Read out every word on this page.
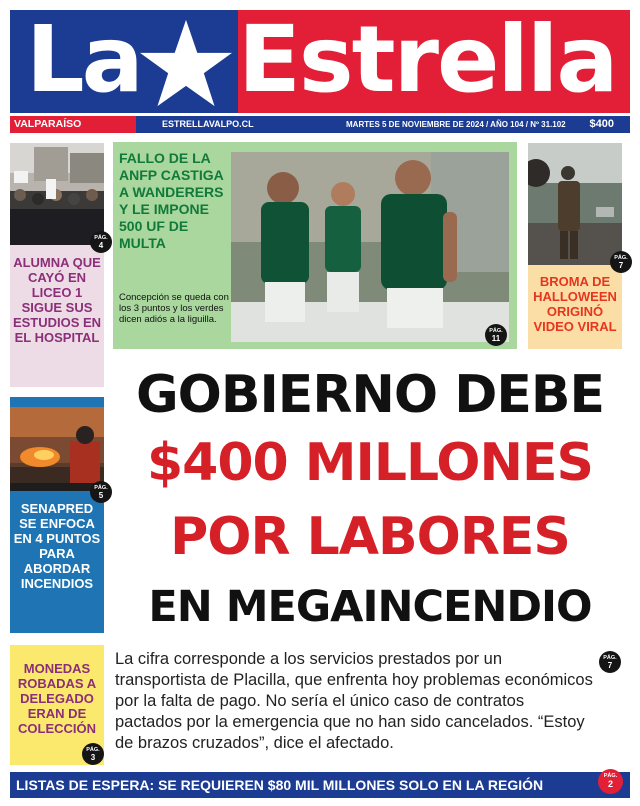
La Estrella
VALPARAÍSO	ESTRELLAVALPO.CL	MARTES 5 DE NOVIEMBRE DE 2024 / AÑO 104 / Nº 31.102 $400
PÁG.
4
ALUMNA QUE CAYÓ EN LICEO 1 SIGUE SUS ESTUDIOS EN EL HOSPITAL
PÁG.
5
SENAPRED SE ENFOCA EN 4 PUNTOS PARA ABORDAR INCENDIOS
MONEDAS ROBADAS A DELEGADO ERAN DE COLECCIÓN
PÁG.
3
FALLO DE LA ANFP CASTIGA A WANDERERS Y LE IMPONE 500 UF DE MULTA
Concepción se queda con los 3 puntos y los verdes dicen adiós a la liguilla.
PÁG.
11
PÁG.
7
BROMA DE HALLOWEEN ORIGINÓ VIDEO VIRAL
GOBIERNO DEBE
$400 MILLONES
POR LABORES
EN MEGAINCENDIO
La cifra corresponde a los servicios prestados por un transportista de Placilla, que enfrenta hoy problemas económicos por la falta de pago. No sería el único caso de contratos pactados por la emergencia que no han sido cancelados. “Estoy de brazos cruzados”, dice el afectado.
PÁG.
7
LISTAS DE ESPERA: SE REQUIEREN $80 MIL MILLONES SOLO EN LA REGIÓN
PÁG.
2
